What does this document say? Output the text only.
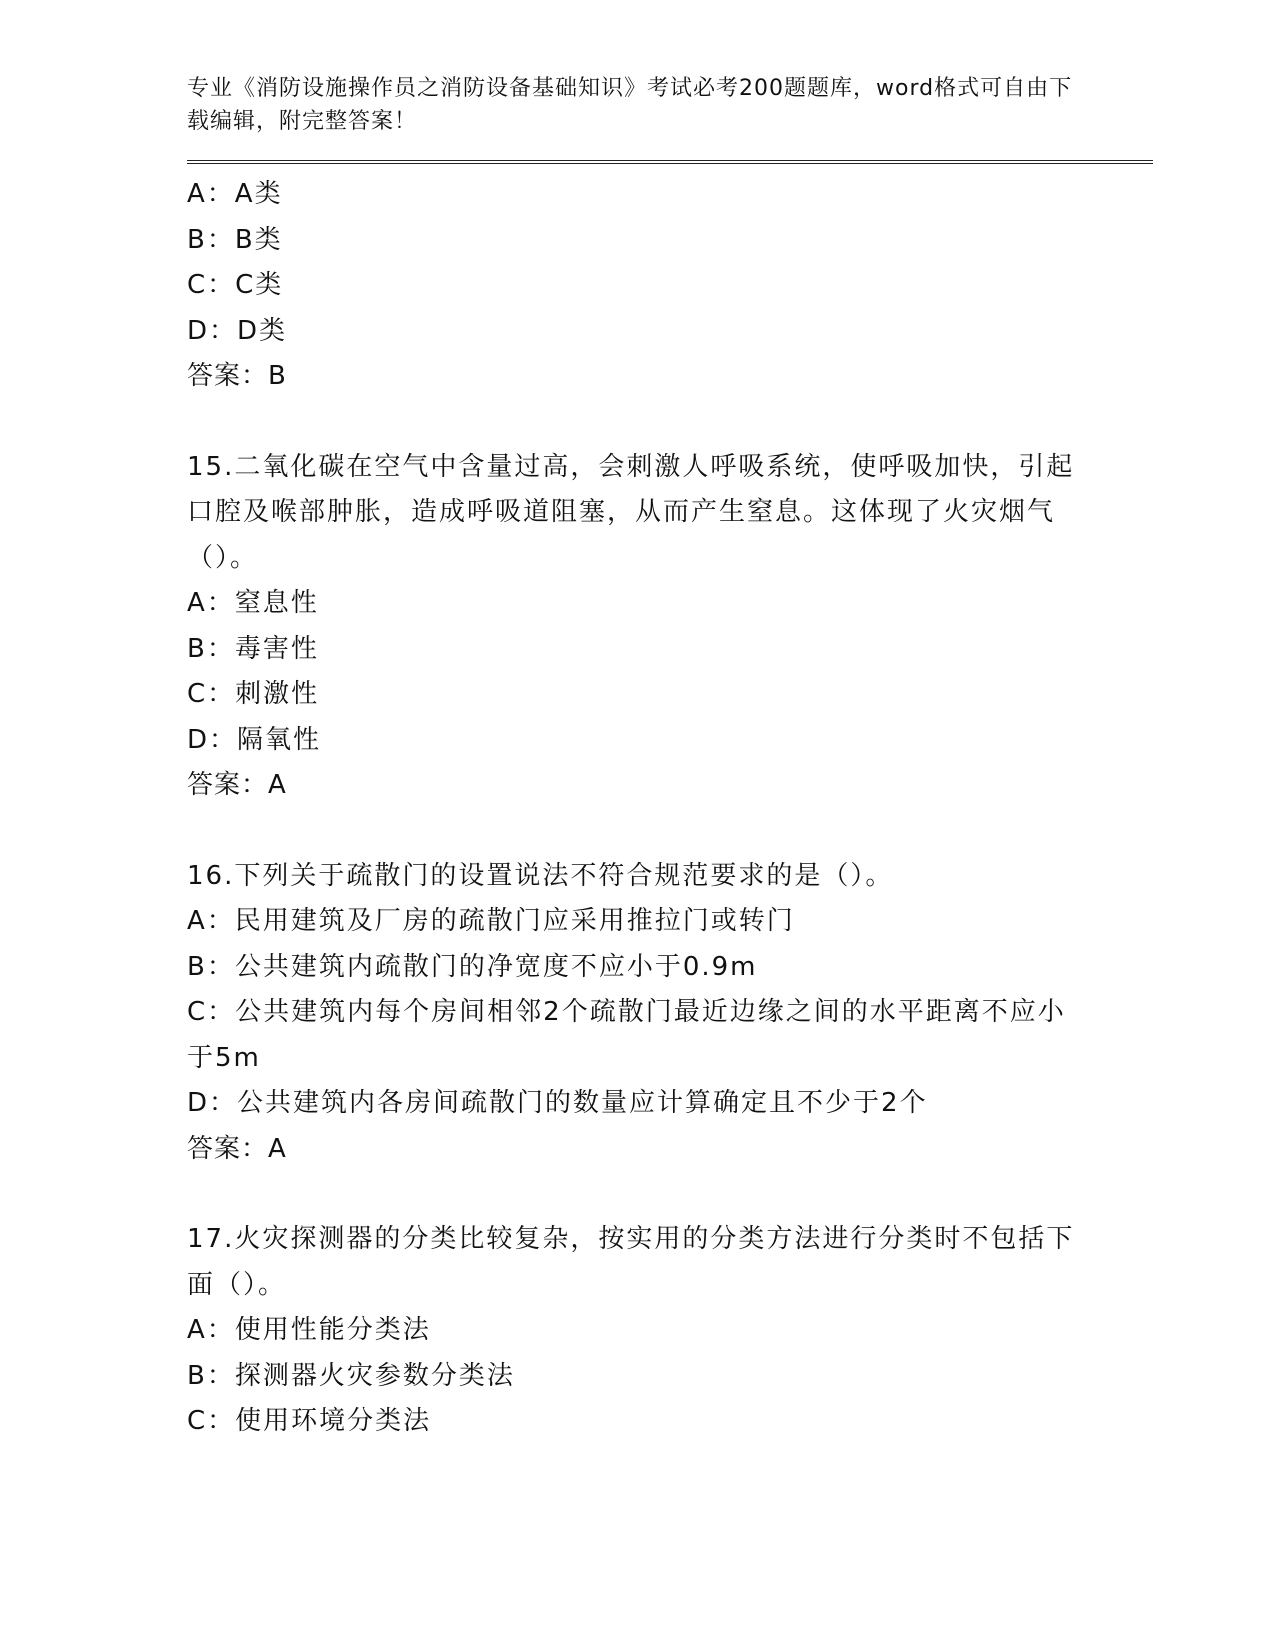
专业《消防设施操作员之消防设备基础知识》考试必考200题题库，word格式可自由下载编辑，附完整答案！
A：A类
B：B类
C：C类
D：D类
答案：B
15.二氧化碳在空气中含量过高，会刺激人呼吸系统，使呼吸加快，引起口腔及喉部肿胀，造成呼吸道阻塞，从而产生窒息。这体现了火灾烟气（）。
A：窒息性
B：毒害性
C：刺激性
D：隔氧性
答案：A
16.下列关于疏散门的设置说法不符合规范要求的是（）。
A：民用建筑及厂房的疏散门应采用推拉门或转门
B：公共建筑内疏散门的净宽度不应小于0.9m
C：公共建筑内每个房间相邻2个疏散门最近边缘之间的水平距离不应小于5m
D：公共建筑内各房间疏散门的数量应计算确定且不少于2个
答案：A
17.火灾探测器的分类比较复杂，按实用的分类方法进行分类时不包括下面（）。
A：使用性能分类法
B：探测器火灾参数分类法
C：使用环境分类法
